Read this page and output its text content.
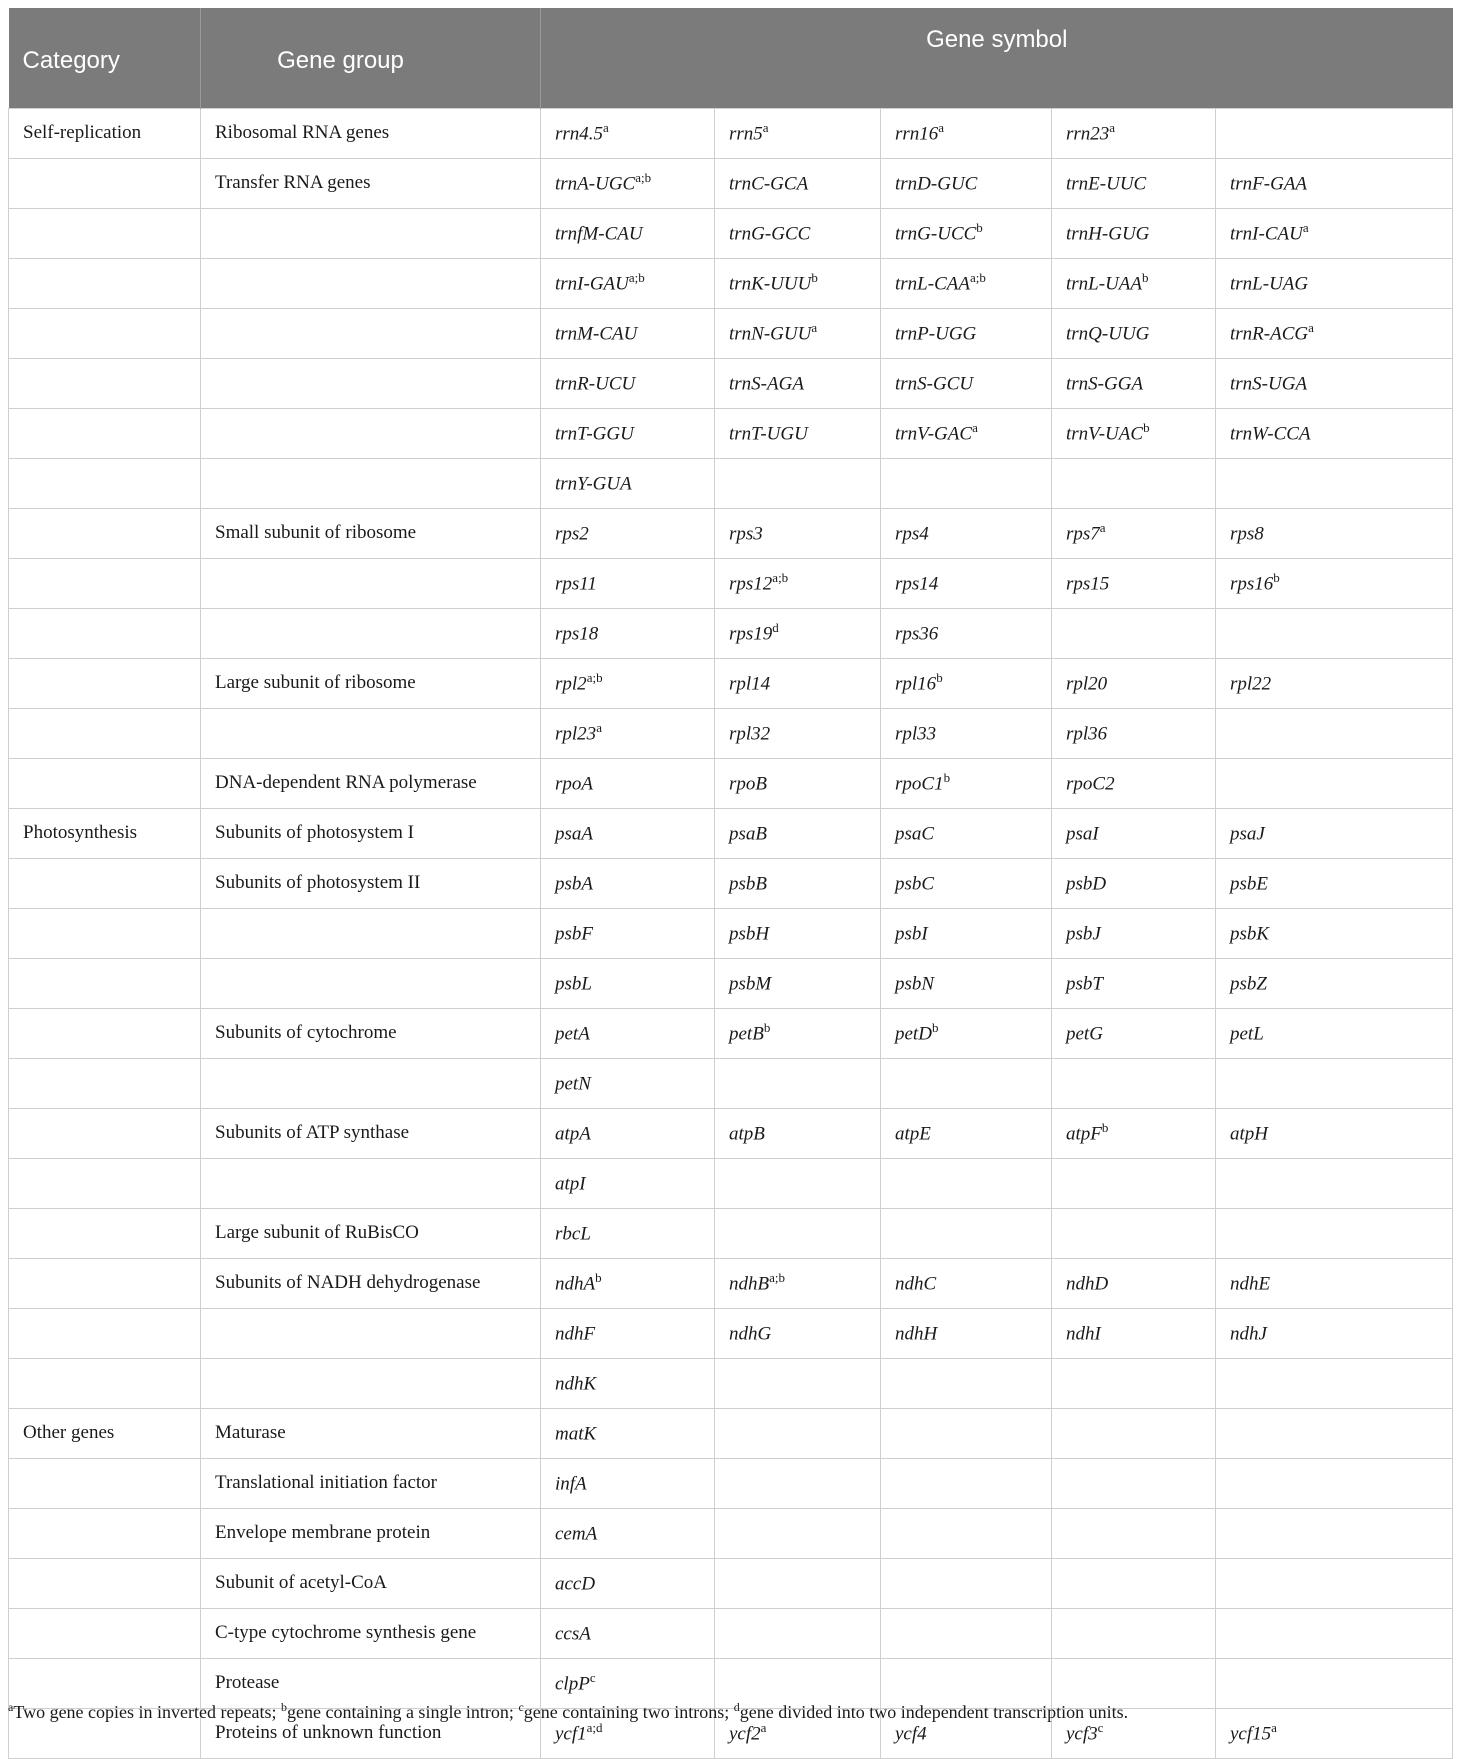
Category	Gene group	Gene symbol				
Self-replication	Ribosomal RNA genes	rrn4.5$^a$	rrn5$^a$	rrn16$^a$	rrn23$^a$	
	Transfer RNA genes	trnA-UGC$^{a;b}$	trnC-GCA	trnD-GUC	trnE-UUC	trnF-GAA
		trnfM-CAU	trnG-GCC	trnG-UCC$^b$	trnH-GUG	trnI-CAU$^a$
		trnI-GAU$^{a;b}$	trnK-UUU$^b$	trnL-CAA$^{a;b}$	trnL-UAA$^b$	trnL-UAG
		trnM-CAU	trnN-GUU$^a$	trnP-UGG	trnQ-UUG	trnR-ACG$^a$
		trnR-UCU	trnS-AGA	trnS-GCU	trnS-GGA	trnS-UGA
		trnT-GGU	trnT-UGU	trnV-GAC$^a$	trnV-UAC$^b$	trnW-CCA
		trnY-GUA				
	Small subunit of ribosome	rps2	rps3	rps4	rps7$^a$	rps8
		rps11	rps12$^{a;b}$	rps14	rps15	rps16$^b$
		rps18	rps19$^d$	rps36		
	Large subunit of ribosome	rpl2$^{a;b}$	rpl14	rpl16$^b$	rpl20	rpl22
		rpl23$^a$	rpl32	rpl33	rpl36	
	DNA-dependent RNA polymerase	rpoA	rpoB	rpoC1$^b$	rpoC2	
Photosynthesis	Subunits of photosystem I	psaA	psaB	psaC	psaI	psaJ
	Subunits of photosystem II	psbA	psbB	psbC	psbD	psbE
		psbF	psbH	psbI	psbJ	psbK
		psbL	psbM	psbN	psbT	psbZ
	Subunits of cytochrome	petA	petB$^b$	petD$^b$	petG	petL
		petN				
	Subunits of ATP synthase	atpA	atpB	atpE	atpF$^b$	atpH
		atpI				
	Large subunit of RuBisCO	rbcL				
	Subunits of NADH dehydrogenase	ndhA$^b$	ndhB$^{a;b}$	ndhC	ndhD	ndhE
		ndhF	ndhG	ndhH	ndhI	ndhJ
		ndhK				
Other genes	Maturase	matK				
	Translational initiation factor	infA				
	Envelope membrane protein	cemA				
	Subunit of acetyl-CoA	accD				
	C-type cytochrome synthesis gene	ccsA				
	Protease	clpP$^c$				
	Proteins of unknown function	ycf1$^{a;d}$	ycf2$^a$	ycf4	ycf3$^c$	ycf15$^a$
$^a$Two gene copies in inverted repeats; $^b$gene containing a single intron; $^c$gene containing two introns; $^d$gene divided into two independent transcription units.
